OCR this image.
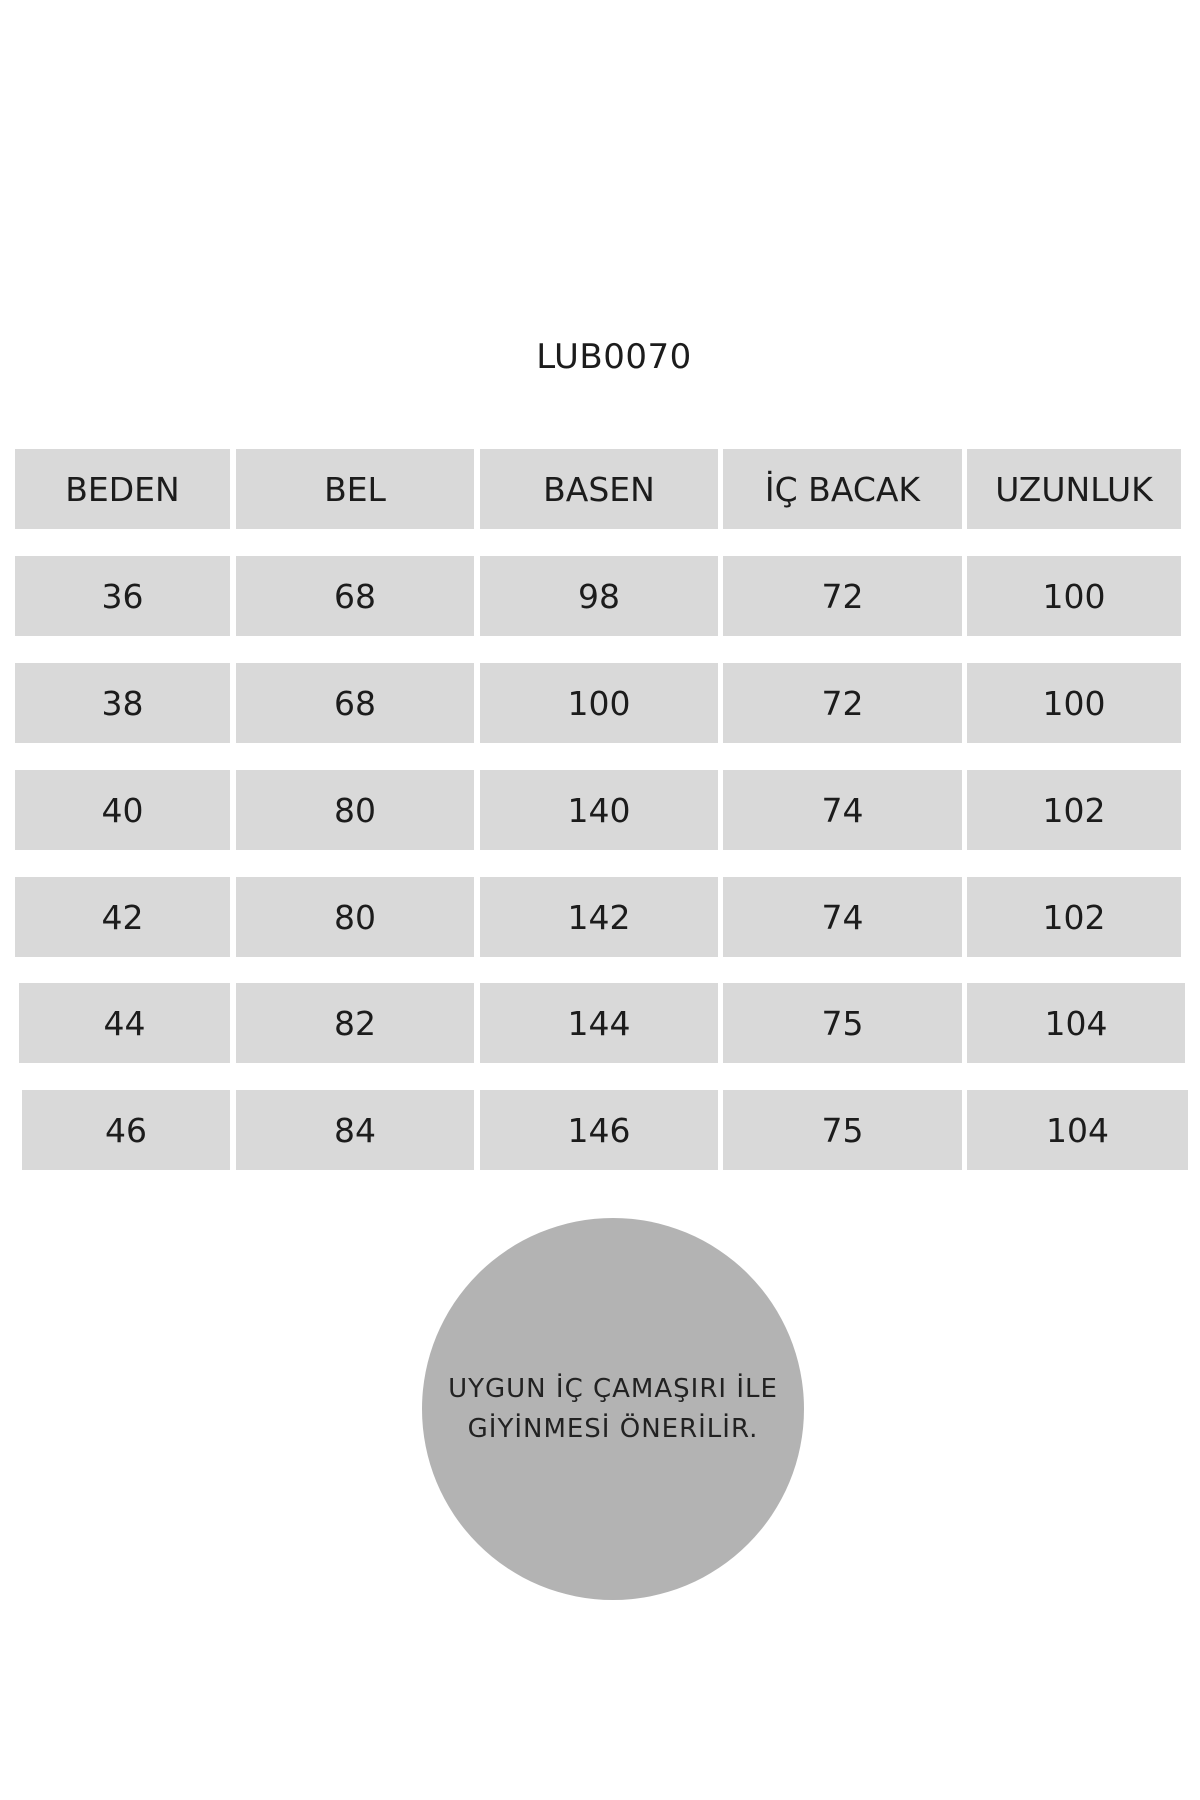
LUB0070
BEDEN	BEL	BASEN	İÇ BACAK	UZUNLUK
36	68	98	72	100
38	68	100	72	100
40	80	140	74	102
42	80	142	74	102
44	82	144	75	104
46	84	146	75	104
UYGUN İÇ ÇAMAŞIRI İLE
GİYİNMESİ ÖNERİLİR.
